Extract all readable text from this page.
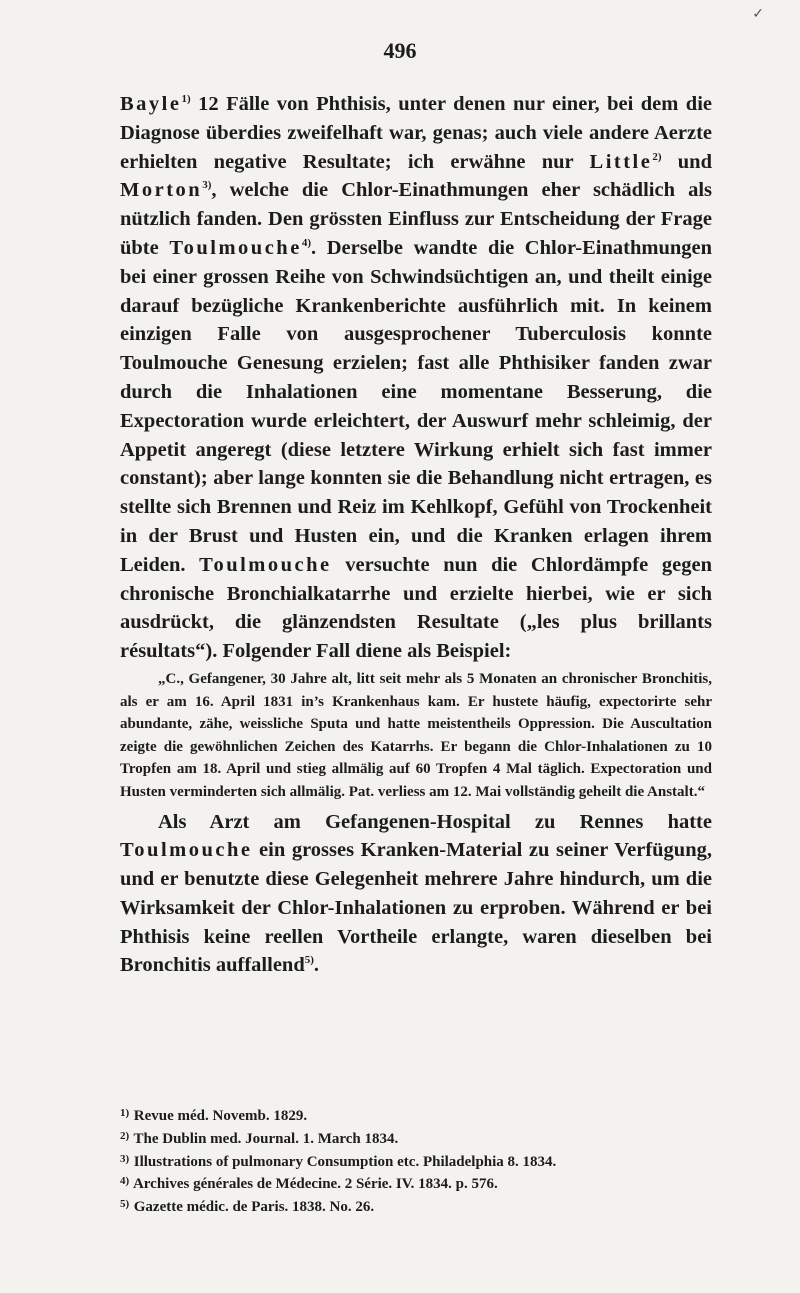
✓
496

Bayle$^{1)}$ 12 Fälle von Phthisis, unter denen nur einer, bei dem die Diagnose überdies zweifelhaft war, genas; auch viele andere Aerzte erhielten negative Resultate; ich erwähne nur Little$^{2)}$ und Morton$^{3)}$, welche die Chlor-Einathmungen eher schädlich als nützlich fanden. Den grössten Einfluss zur Entscheidung der Frage übte Toulmouche$^{4)}$. Derselbe wandte die Chlor-Einathmungen bei einer grossen Reihe von Schwindsüchtigen an, und theilt einige darauf bezügliche Krankenberichte ausführlich mit. In keinem einzigen Falle von ausgesprochener Tuberculosis konnte Toulmouche Genesung erzielen; fast alle Phthisiker fanden zwar durch die Inhalationen eine momentane Besserung, die Expectoration wurde erleichtert, der Auswurf mehr schleimig, der Appetit angeregt (diese letztere Wirkung erhielt sich fast immer constant); aber lange konnten sie die Behandlung nicht ertragen, es stellte sich Brennen und Reiz im Kehlkopf, Gefühl von Trockenheit in der Brust und Husten ein, und die Kranken erlagen ihrem Leiden. Toulmouche versuchte nun die Chlordämpfe gegen chronische Bronchialkatarrhe und erzielte hierbei, wie er sich ausdrückt, die glänzendsten Resultate („les plus brillants résultats“). Folgender Fall diene als Beispiel:

„C., Gefangener, 30 Jahre alt, litt seit mehr als 5 Monaten an chronischer Bronchitis, als er am 16. April 1831 in’s Krankenhaus kam. Er hustete häufig, expectorirte sehr abundante, zähe, weissliche Sputa und hatte meistentheils Oppression. Die Auscultation zeigte die gewöhnlichen Zeichen des Katarrhs. Er begann die Chlor-Inhalationen zu 10 Tropfen am 18. April und stieg allmälig auf 60 Tropfen 4 Mal täglich. Expectoration und Husten verminderten sich allmälig. Pat. verliess am 12. Mai vollständig geheilt die Anstalt.“

Als Arzt am Gefangenen-Hospital zu Rennes hatte Toulmouche ein grosses Kranken-Material zu seiner Verfügung, und er benutzte diese Gelegenheit mehrere Jahre hindurch, um die Wirksamkeit der Chlor-Inhalationen zu erproben. Während er bei Phthisis keine reellen Vortheile erlangte, waren dieselben bei Bronchitis auffallend$^{5)}$.

1) Revue méd. Novemb. 1829.
2) The Dublin med. Journal. 1. March 1834.
3) Illustrations of pulmonary Consumption etc. Philadelphia 8. 1834.
4) Archives générales de Médecine. 2 Série. IV. 1834. p. 576.
5) Gazette médic. de Paris. 1838. No. 26.
